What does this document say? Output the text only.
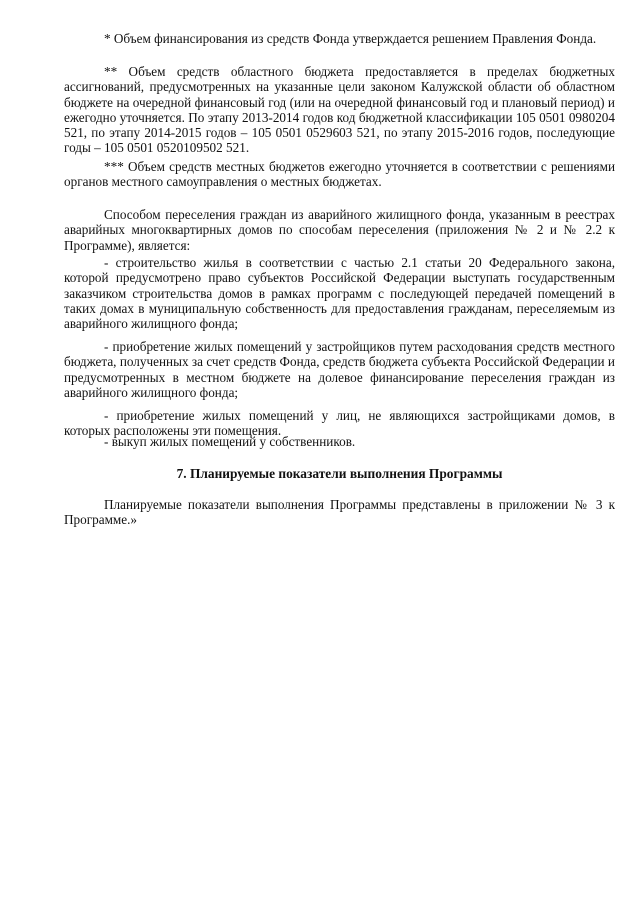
* Объем финансирования из средств Фонда утверждается решением Правления Фонда.

** Объем средств областного бюджета предоставляется в пределах бюджетных ассигнований, предусмотренных на указанные цели законом Калужской области об областном бюджете на очередной финансовый год (или на очередной финансовый год и плановый период) и ежегодно уточняется. По этапу 2013-2014 годов код бюджетной классификации 105 0501 0980204 521, по этапу 2014-2015 годов – 105 0501 0529603 521, по этапу 2015-2016 годов, последующие годы – 105 0501 0520109502 521.

*** Объем средств местных бюджетов ежегодно уточняется в соответствии с решениями органов местного самоуправления о местных бюджетах.

Способом переселения граждан из аварийного жилищного фонда, указанным в реестрах аварийных многоквартирных домов по способам переселения (приложения № 2 и № 2.2 к Программе), является:

- строительство жилья в соответствии с частью 2.1 статьи 20 Федерального закона, которой предусмотрено право субъектов Российской Федерации выступать государственным заказчиком строительства домов в рамках программ с последующей передачей помещений в таких домах в муниципальную собственность для предоставления гражданам, переселяемым из аварийного жилищного фонда;

- приобретение жилых помещений у застройщиков путем расходования средств местного бюджета, полученных за счет средств Фонда, средств бюджета субъекта Российской Федерации и предусмотренных в местном бюджете на долевое финансирование переселения граждан из аварийного жилищного фонда;

- приобретение жилых помещений у лиц, не являющихся застройщиками домов, в которых расположены эти помещения.

- выкуп жилых помещений у собственников.

7. Планируемые показатели выполнения Программы

Планируемые показатели выполнения Программы представлены в приложении № 3 к Программе.»
